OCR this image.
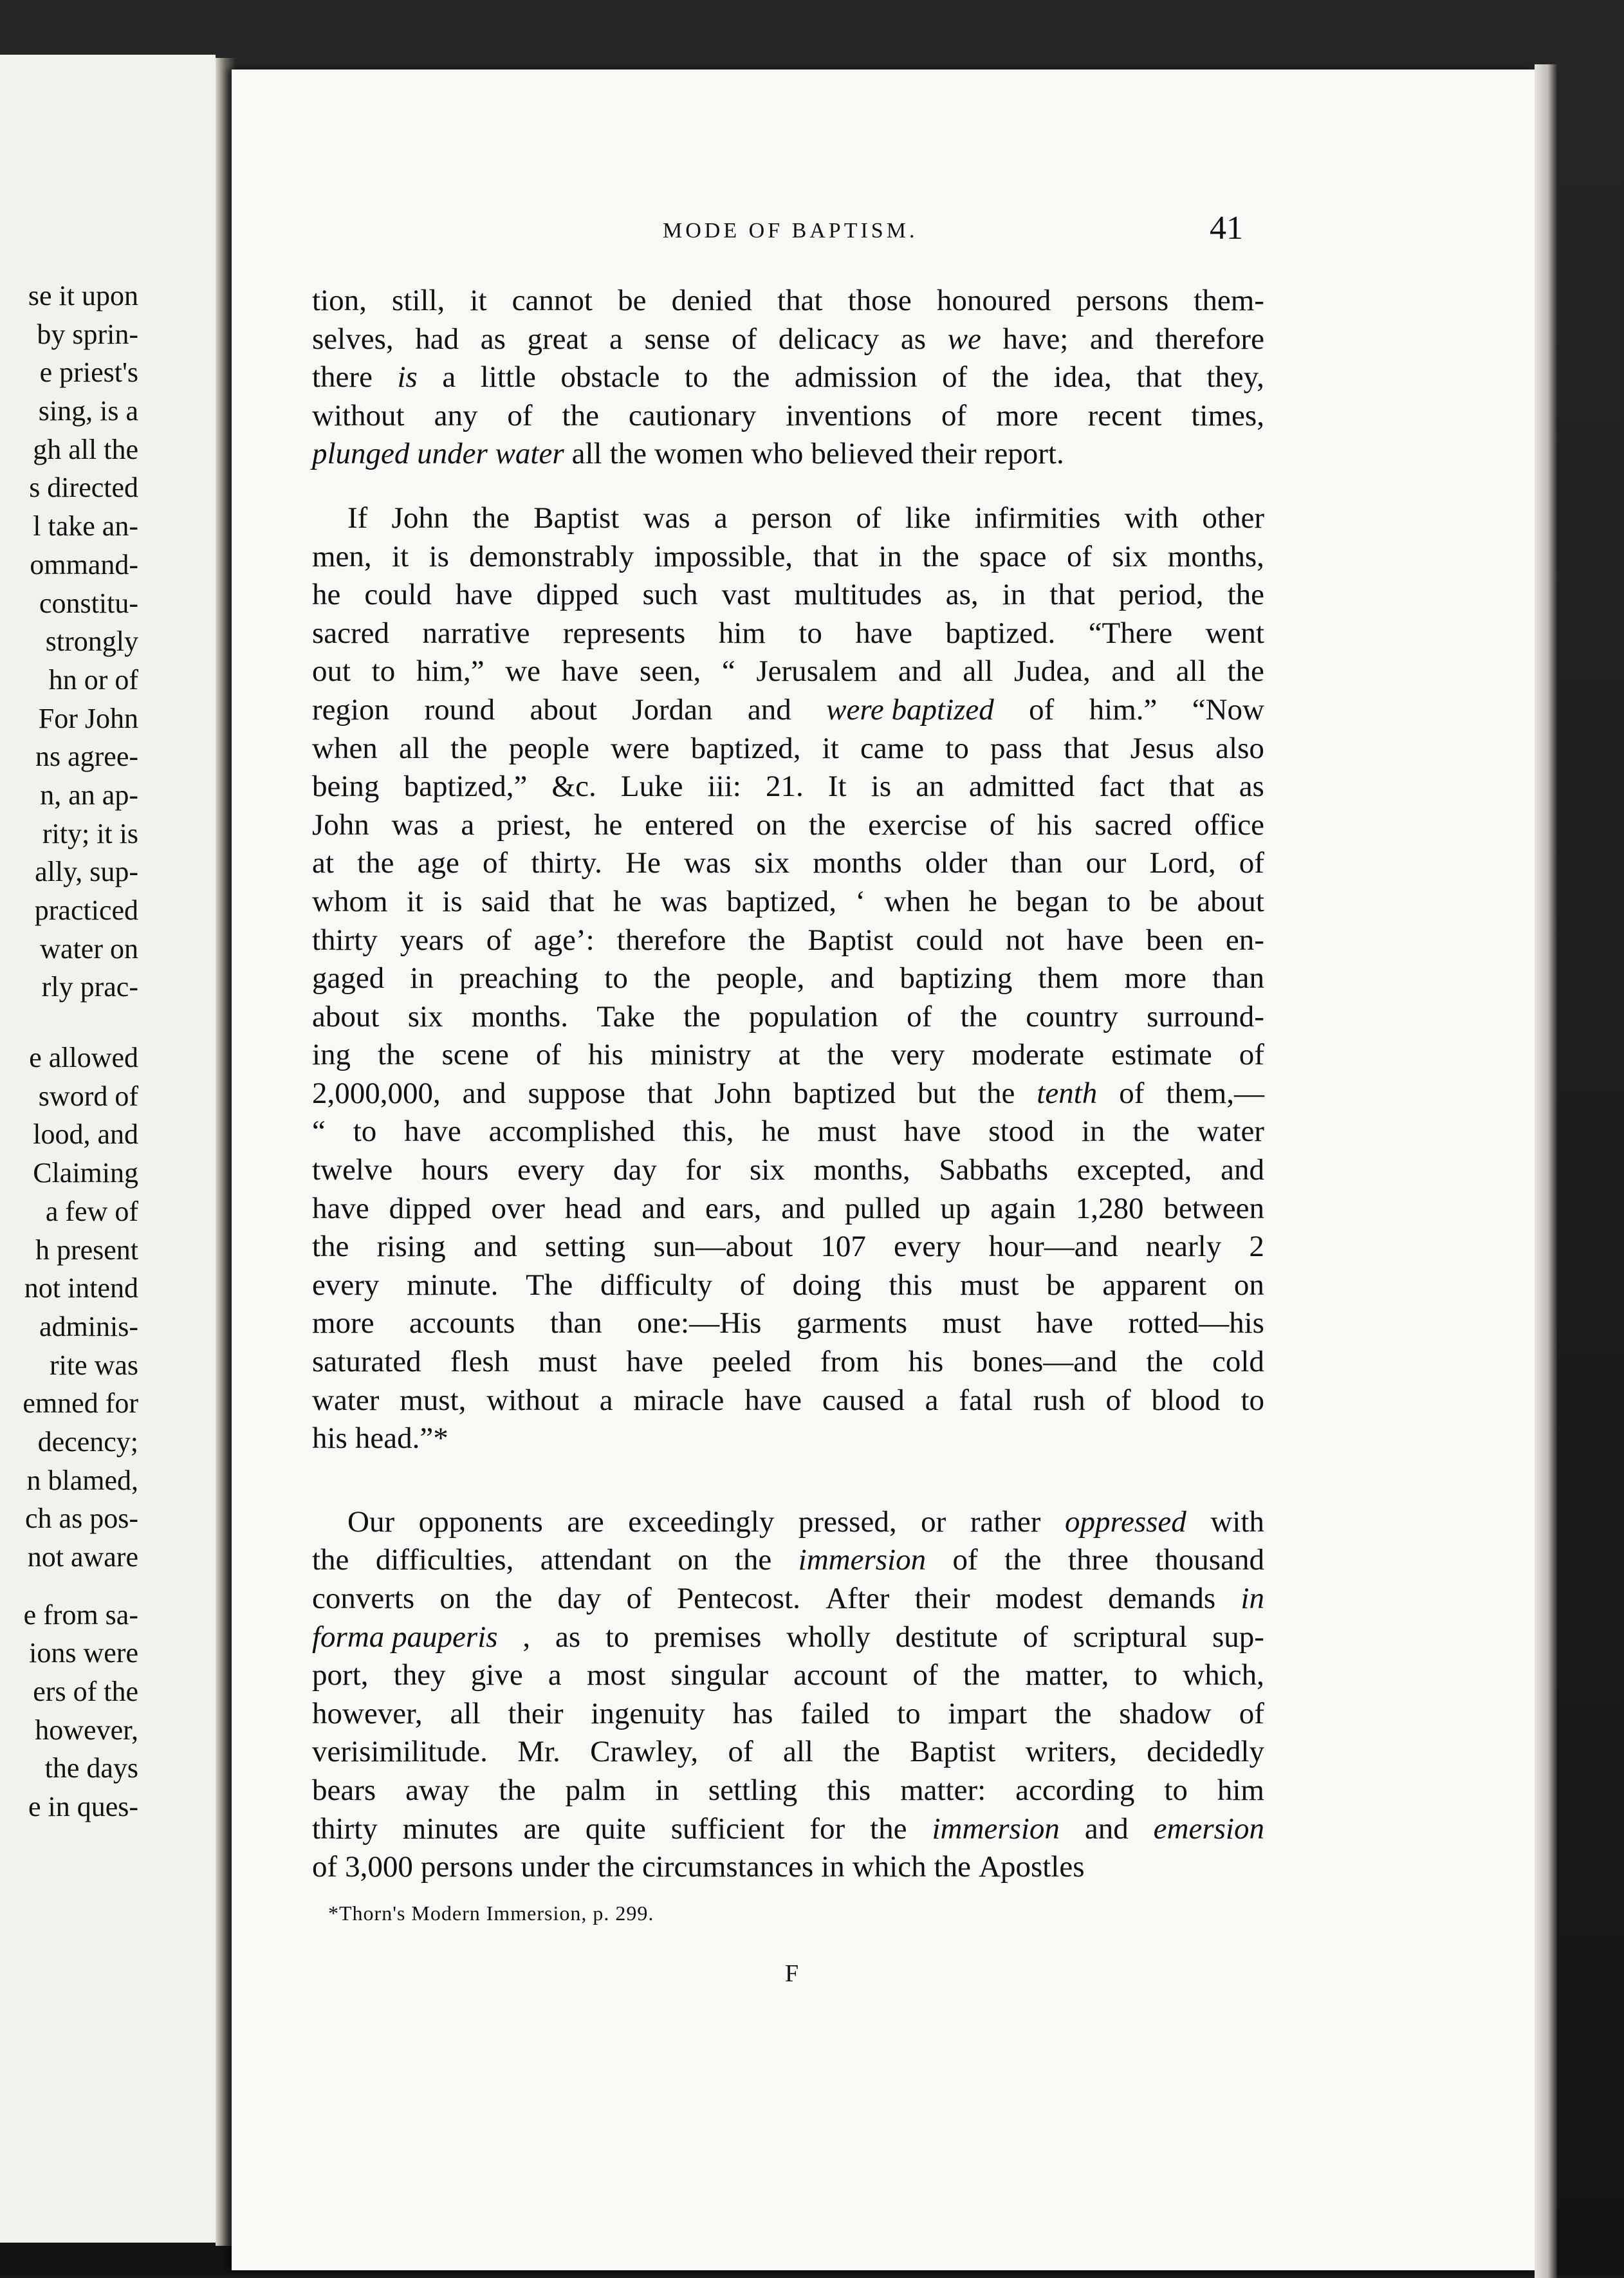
se it upon
by sprin-
e priest's
sing, is a
gh all the
s directed
l take an-
ommand-
constitu-
strongly
hn or of
For John
ns agree-
n, an ap-
rity; it is
ally, sup-
practiced
water on
rly prac-
e allowed
sword of
lood, and
Claiming
a few of
h present
not intend
adminis-
rite was
emned for
decency;
n blamed,
ch as pos-
not aware
e from sa-
ions were
ers of the
however,
the days
e in ques-
MODE OF BAPTISM.	41
tion, still, it cannot be denied that those honoured persons them-
selves, had as great a sense of delicacy as we have; and therefore
there is a little obstacle to the admission of the idea, that they,
without any of the cautionary inventions of more recent times,
plunged under water all the women who believed their report.
If John the Baptist was a person of like infirmities with other
men, it is demonstrably impossible, that in the space of six months,
he could have dipped such vast multitudes as, in that period, the
sacred narrative represents him to have baptized. “There went
out to him,” we have seen, “ Jerusalem and all Judea, and all the
region round about Jordan and were baptized of him.” “Now
when all the people were baptized, it came to pass that Jesus also
being baptized,” &c. Luke iii: 21. It is an admitted fact that as
John was a priest, he entered on the exercise of his sacred office
at the age of thirty. He was six months older than our Lord, of
whom it is said that he was baptized, ‘ when he began to be about
thirty years of age’: therefore the Baptist could not have been en-
gaged in preaching to the people, and baptizing them more than
about six months. Take the population of the country surround-
ing the scene of his ministry at the very moderate estimate of
2,000,000, and suppose that John baptized but the tenth of them,—
“ to have accomplished this, he must have stood in the water
twelve hours every day for six months, Sabbaths excepted, and
have dipped over head and ears, and pulled up again 1,280 between
the rising and setting sun—about 107 every hour—and nearly 2
every minute. The difficulty of doing this must be apparent on
more accounts than one:—His garments must have rotted—his
saturated flesh must have peeled from his bones—and the cold
water must, without a miracle have caused a fatal rush of blood to
his head.”*
Our opponents are exceedingly pressed, or rather oppressed with
the difficulties, attendant on the immersion of the three thousand
converts on the day of Pentecost. After their modest demands in
forma pauperis , as to premises wholly destitute of scriptural sup-
port, they give a most singular account of the matter, to which,
however, all their ingenuity has failed to impart the shadow of
verisimilitude. Mr. Crawley, of all the Baptist writers, decidedly
bears away the palm in settling this matter: according to him
thirty minutes are quite sufficient for the immersion and emersion
of 3,000 persons under the circumstances in which the Apostles
*Thorn's Modern Immersion, p. 299.
F
